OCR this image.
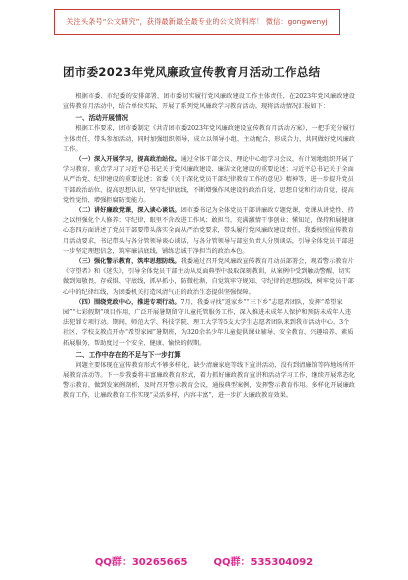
关注头条号“公文研究”，获得最新最全最专业的公文资料库！ 微信：gongwenyj
团市委2023年党风廉政宣传教育月活动工作总结

根据市委、市纪委的安排部署，团市委切实履行党风廉政建设工作主体责任，在2023年党风廉政建设宣传教育月活动中，结合单位实际，开展了系列党风廉政学习教育活动。现将活动情况汇报如下：

一、活动开展情况

根据工作要求，团市委制定《共青团市委2023年党风廉政建设宣传教育月活动方案》，一把手充分履行主体责任，带头参加活动，同时加强组织领导，成立以领导小组，主动配合，形成合力，共同做好党风廉政工作。

（一）深入开展学习，提高政治站位。通过全体干部会议、理论中心组学习会议，有计划地组织开展了学习教育，重点学习了习近平总书记关于党风廉政建设、廉洁文化建设的重要论述；习近平总书记关于全面从严治党、纪律建设的重要论述；省委《关于深化党员干部纪律教育工作的意见》精神等，进一步提升党员干部政治站位，提高思想认识，坚守纪律底线，不断增强作风建设的政治自觉、思想自觉和行动自觉，提高党性觉悟，增强拒腐防变能力。

（二）讲好廉政党课，深入谈心谈话。团市委书记为全体党员干部讲廉政专题党课，党课从讲党性、持之以恒强化个人修养；守纪律，眼里不含改进工作风；敢担当，充满激情干事创业；懂知足，保持和展健康心态四方面讲述了党员干部要带头落实全面从严治党要求，带头履行党风廉政建设责任，我委按照宣传教育月活动要求，书记带头与各分管领导谈心谈话，与各分管领导与部室负责人分别谈话，引导全体党员干部进一步坚定理想信念，筑牢廉洁底线，铺练忠诚干净担当的政治本色。

（三）强化警示教育，筑牢思想防线。我委通过召开党风廉政宣传教育月动员部署会，观看警示教育片《守望者》和《迷失》，引导全体党员干部主动从反面典型中汲取深刻教训，从案例中受到触动警醒，切实做到知敬畏、存戒惧、守底线，抓早抓小，防微杜渐，自觉筑牢守规知、守纪律的思想防线，树牢党员干部心中的纪律红线，为团委机关打造风清气正的政治生态提供坚强保障。

（四）围绕党政中心，推进专项行动。7月，我委寻找“返家乡”“三下乡”志愿者团队，发挥“希望家园”“七彩假期”项目作用，广泛开展暑期留守儿童托管服务工作，深入推进未成年人保护和预防未成年人违法犯罪专项行动。期间，师范大学、科技学院、理工大学等5支大学生志愿者团队来到我市活动中心，3个社区、学校支教点开办“希望家园”暑期班，为320余名少年儿童提供课业辅导、安全教育、兴趣培养、素质拓展服务，帮助度过一个安全、健康、愉快的假期。

二、工作中存在的不足与下一步打算

问题主要体现在宣传教育形式不够多样化，缺少清廉家庭等线下宣讲活动，没有到清廉馆等阵地场所开展教育活动等。下一步我委将丰富廉政教育形式，着力抓好廉政教育宣讲和活动学习工作，继续开展常态化警示教育，做到发案例剖析，及时召开警示教育会议，通报典型案例，发挥警示教育作用。多样化开展廉政教育工作，让廉政教育工作实现“灵活多样，内容丰富”，进一步扩大廉政教育效果。

QQ群：30265665	QQ群：535304092
